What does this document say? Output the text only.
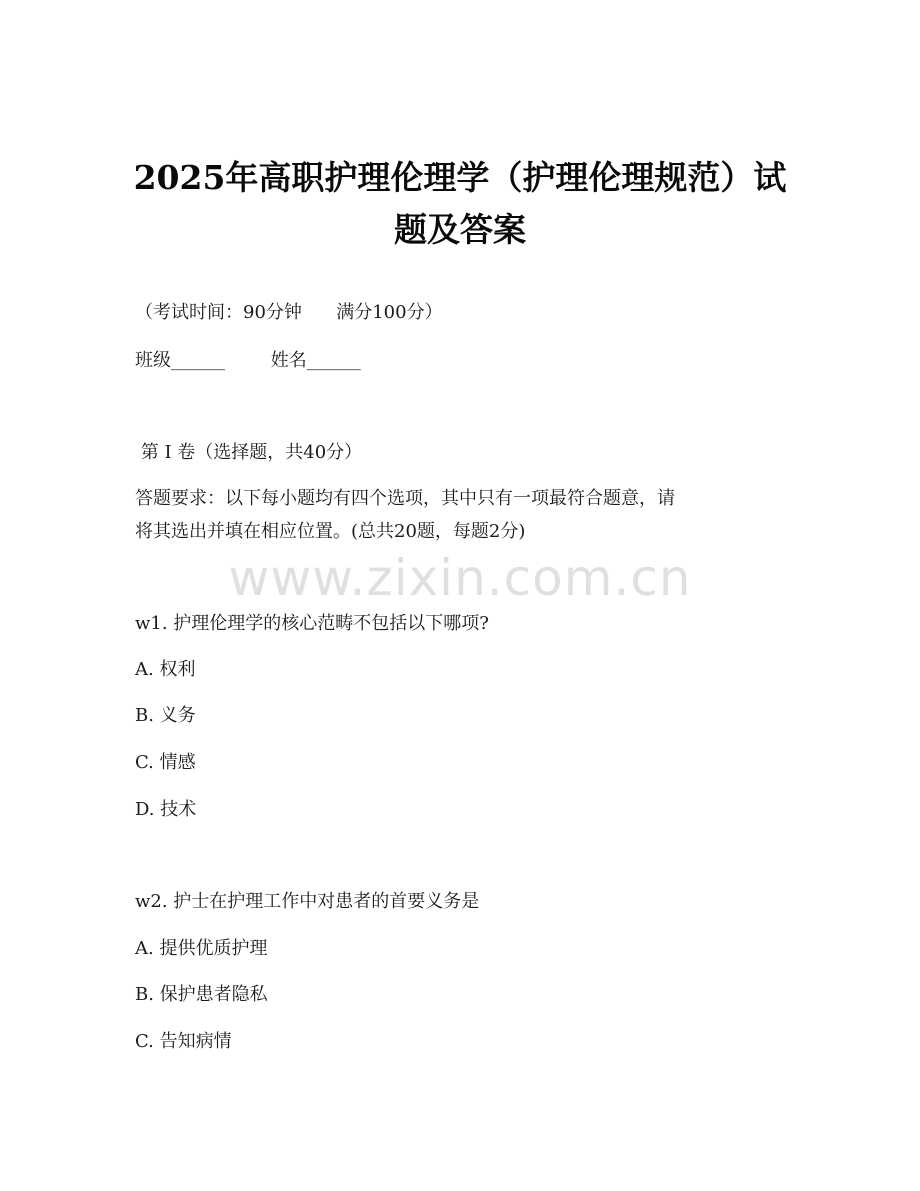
2025年高职护理伦理学（护理伦理规范）试
题及答案
（考试时间：90分钟      满分100分）
班级______        姓名______
第 I 卷（选择题，共40分）
答题要求：以下每小题均有四个选项，其中只有一项最符合题意，请
将其选出并填在相应位置。(总共20题，每题2分)
www.zixin.com.cn
w1. 护理伦理学的核心范畴不包括以下哪项?
A. 权利
B. 义务
C. 情感
D. 技术
w2. 护士在护理工作中对患者的首要义务是
A. 提供优质护理
B. 保护患者隐私
C. 告知病情
